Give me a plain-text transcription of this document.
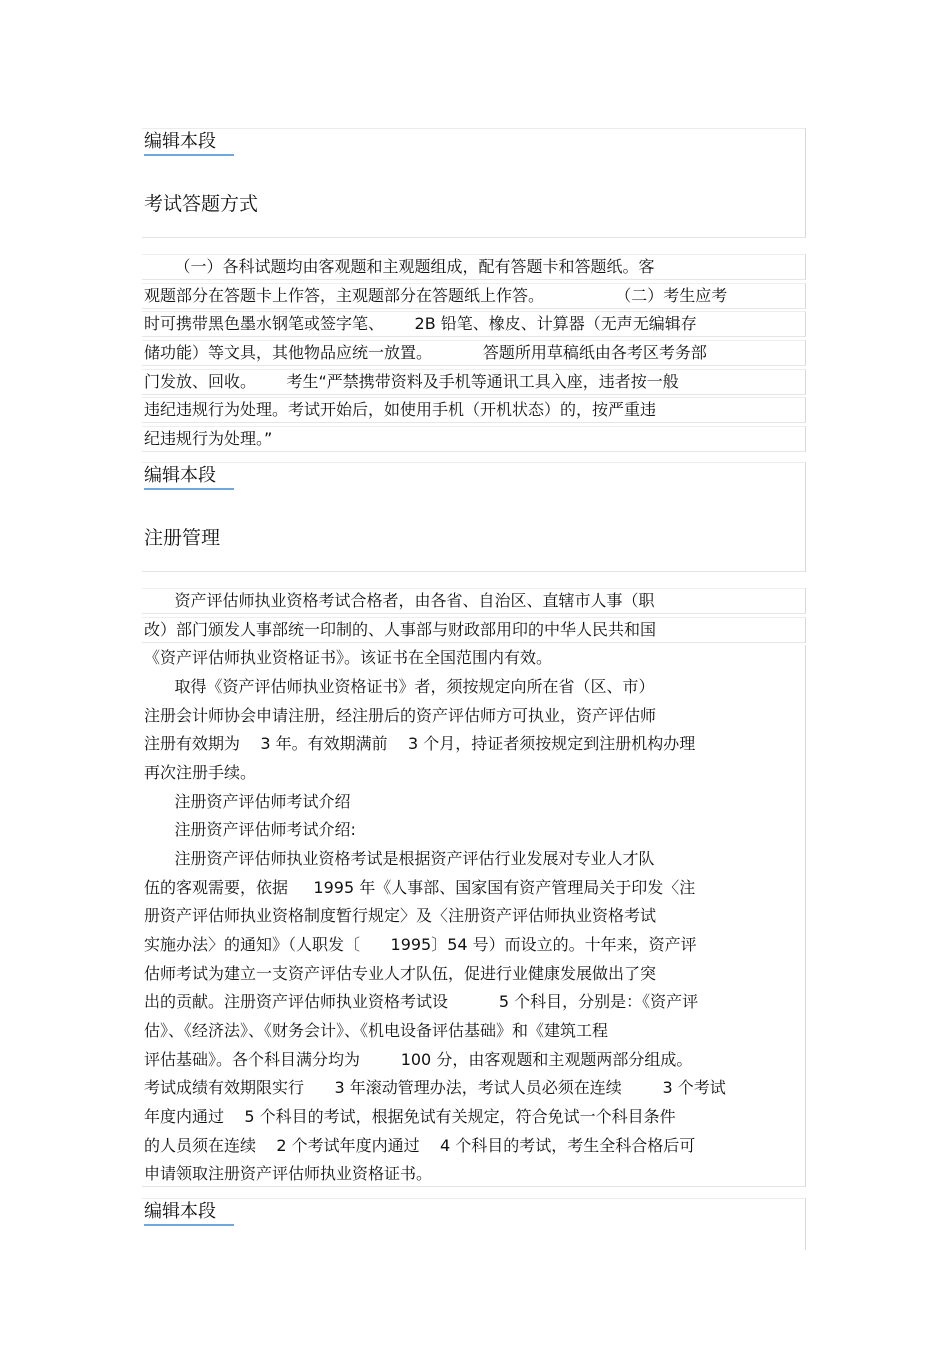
编辑本段
考试答题方式
（一）各科试题均由客观题和主观题组成，配有答题卡和答题纸。客
观题部分在答题卡上作答，主观题部分在答题纸上作答。              （二）考生应考
时可携带黑色墨水钢笔或签字笔、      2B 铅笔、橡皮、计算器（无声无编辑存
储功能）等文具，其他物品应统一放置。          答题所用草稿纸由各考区考务部
门发放、回收。      考生“严禁携带资料及手机等通讯工具入座，违者按一般
违纪违规行为处理。考试开始后，如使用手机（开机状态）的，按严重违
纪违规行为处理。”
编辑本段
注册管理
资产评估师执业资格考试合格者，由各省、自治区、直辖市人事（职
改）部门颁发人事部统一印制的、人事部与财政部用印的中华人民共和国
《资产评估师执业资格证书》。该证书在全国范围内有效。
取得《资产评估师执业资格证书》者，须按规定向所在省（区、市）
注册会计师协会申请注册，经注册后的资产评估师方可执业，资产评估师
注册有效期为    3 年。有效期满前    3 个月，持证者须按规定到注册机构办理
再次注册手续。
注册资产评估师考试介绍
注册资产评估师考试介绍:
注册资产评估师执业资格考试是根据资产评估行业发展对专业人才队
伍的客观需要，依据     1995 年《人事部、国家国有资产管理局关于印发〈注
册资产评估师执业资格制度暂行规定〉及〈注册资产评估师执业资格考试
实施办法〉的通知》（人职发〔      1995〕54 号）而设立的。十年来，资产评
估师考试为建立一支资产评估专业人才队伍，促进行业健康发展做出了突
出的贡献。注册资产评估师执业资格考试设          5 个科目，分别是：《资产评
估》、《经济法》、《财务会计》、《机电设备评估基础》和《建筑工程
评估基础》。各个科目满分均为        100 分，由客观题和主观题两部分组成。
考试成绩有效期限实行      3 年滚动管理办法，考试人员必须在连续        3 个考试
年度内通过    5 个科目的考试，根据免试有关规定，符合免试一个科目条件
的人员须在连续    2 个考试年度内通过    4 个科目的考试，考生全科合格后可
申请领取注册资产评估师执业资格证书。
编辑本段
